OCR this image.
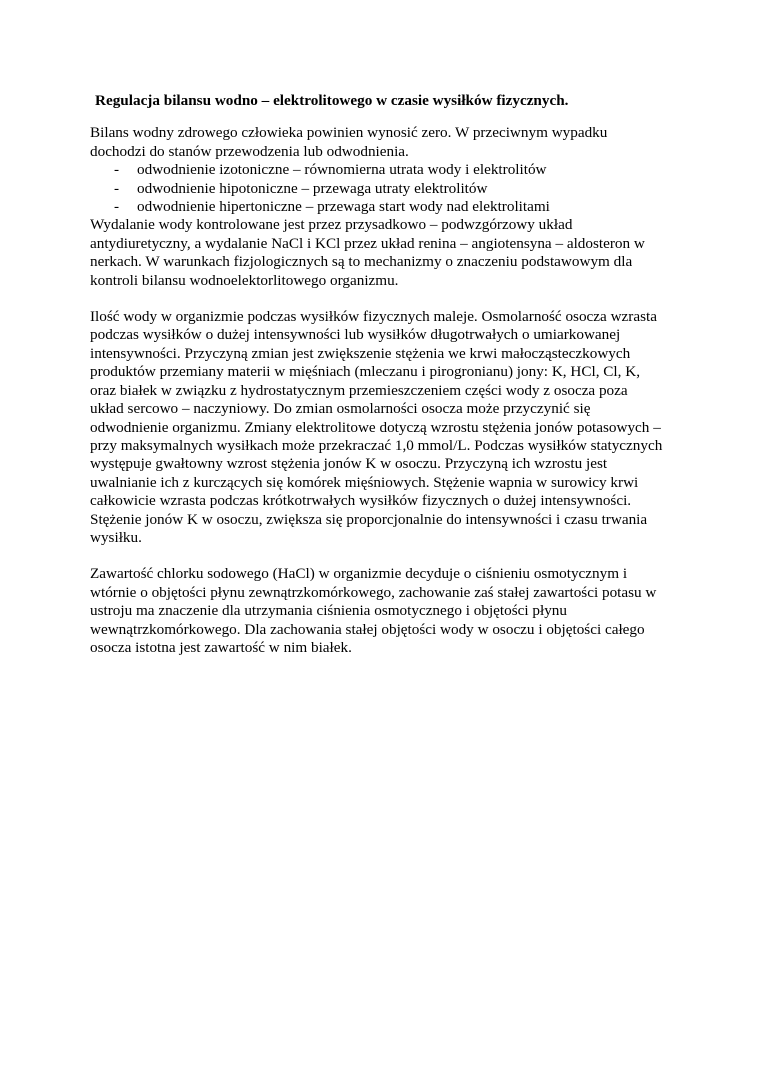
Regulacja bilansu wodno – elektrolitowego w czasie wysiłków fizycznych.

Bilans wodny zdrowego człowieka powinien wynosić zero. W przeciwnym wypadku dochodzi do stanów przewodzenia lub odwodnienia.

- odwodnienie izotoniczne – równomierna utrata wody i elektrolitów
- odwodnienie hipotoniczne – przewaga utraty elektrolitów
- odwodnienie hipertoniczne – przewaga start wody nad elektrolitami

Wydalanie wody kontrolowane jest przez przysadkowo – podwzgórzowy układ antydiuretyczny, a wydalanie NaCl i KCl przez układ renina – angiotensyna – aldosteron w nerkach. W warunkach fizjologicznych są to mechanizmy o znaczeniu podstawowym dla kontroli bilansu wodnoelektorlitowego organizmu.

Ilość wody w organizmie podczas wysiłków fizycznych maleje. Osmolarność osocza wzrasta podczas wysiłków o dużej intensywności lub wysiłków długotrwałych o umiarkowanej intensywności. Przyczyną zmian jest zwiększenie stężenia we krwi małocząsteczkowych produktów przemiany materii w mięśniach (mleczanu i pirogronianu) jony: K, HCl, Cl, K, oraz białek w związku z hydrostatycznym przemieszczeniem części wody z osocza poza układ sercowo – naczyniowy. Do zmian osmolarności osocza może przyczynić się odwodnienie organizmu. Zmiany elektrolitowe dotyczą wzrostu stężenia jonów potasowych – przy maksymalnych wysiłkach może przekraczać 1,0 mmol/L. Podczas wysiłków statycznych występuje gwałtowny wzrost stężenia jonów K w osoczu. Przyczyną ich wzrostu jest uwalnianie ich z kurczących się komórek mięśniowych. Stężenie wapnia w surowicy krwi całkowicie wzrasta podczas krótkotrwałych wysiłków fizycznych o dużej intensywności. Stężenie jonów K w osoczu, zwiększa się proporcjonalnie do intensywności i czasu trwania wysiłku.

Zawartość chlorku sodowego (HaCl) w organizmie decyduje o ciśnieniu osmotycznym i wtórnie o objętości płynu zewnątrzkomórkowego, zachowanie zaś stałej zawartości potasu w ustroju ma znaczenie dla utrzymania ciśnienia osmotycznego i objętości płynu wewnątrzkomórkowego. Dla zachowania stałej objętości wody w osoczu i objętości całego osocza istotna jest zawartość w nim białek.
